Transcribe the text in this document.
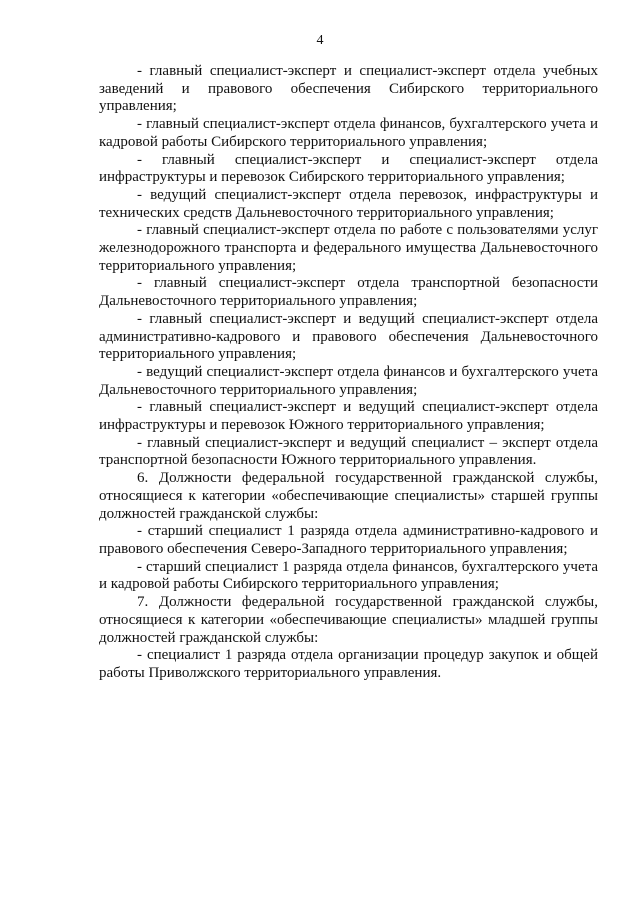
4

- главный специалист-эксперт и специалист-эксперт отдела учебных заведений и правового обеспечения Сибирского территориального управления;

- главный специалист-эксперт отдела финансов, бухгалтерского учета и кадровой работы Сибирского территориального управления;

- главный специалист-эксперт и специалист-эксперт отдела инфраструктуры и перевозок Сибирского территориального управления;

- ведущий специалист-эксперт отдела перевозок, инфраструктуры и технических средств Дальневосточного территориального управления;

- главный специалист-эксперт отдела по работе с пользователями услуг железнодорожного транспорта и федерального имущества Дальневосточного территориального управления;

- главный специалист-эксперт отдела транспортной безопасности Дальневосточного территориального управления;

- главный специалист-эксперт и ведущий специалист-эксперт отдела административно-кадрового и правового обеспечения Дальневосточного территориального управления;

- ведущий специалист-эксперт отдела финансов и бухгалтерского учета Дальневосточного территориального управления;

- главный специалист-эксперт и ведущий специалист-эксперт отдела инфраструктуры и перевозок Южного территориального управления;

- главный специалист-эксперт и ведущий специалист – эксперт отдела транспортной безопасности Южного территориального управления.

6. Должности федеральной государственной гражданской службы, относящиеся к категории «обеспечивающие специалисты» старшей группы должностей гражданской службы:

- старший специалист 1 разряда отдела административно-кадрового и правового обеспечения Северо-Западного территориального управления;

- старший специалист 1 разряда отдела финансов, бухгалтерского учета и кадровой работы Сибирского территориального управления;

7. Должности федеральной государственной гражданской службы, относящиеся к категории «обеспечивающие специалисты» младшей группы должностей гражданской службы:

- специалист 1 разряда отдела организации процедур закупок и общей работы Приволжского территориального управления.
